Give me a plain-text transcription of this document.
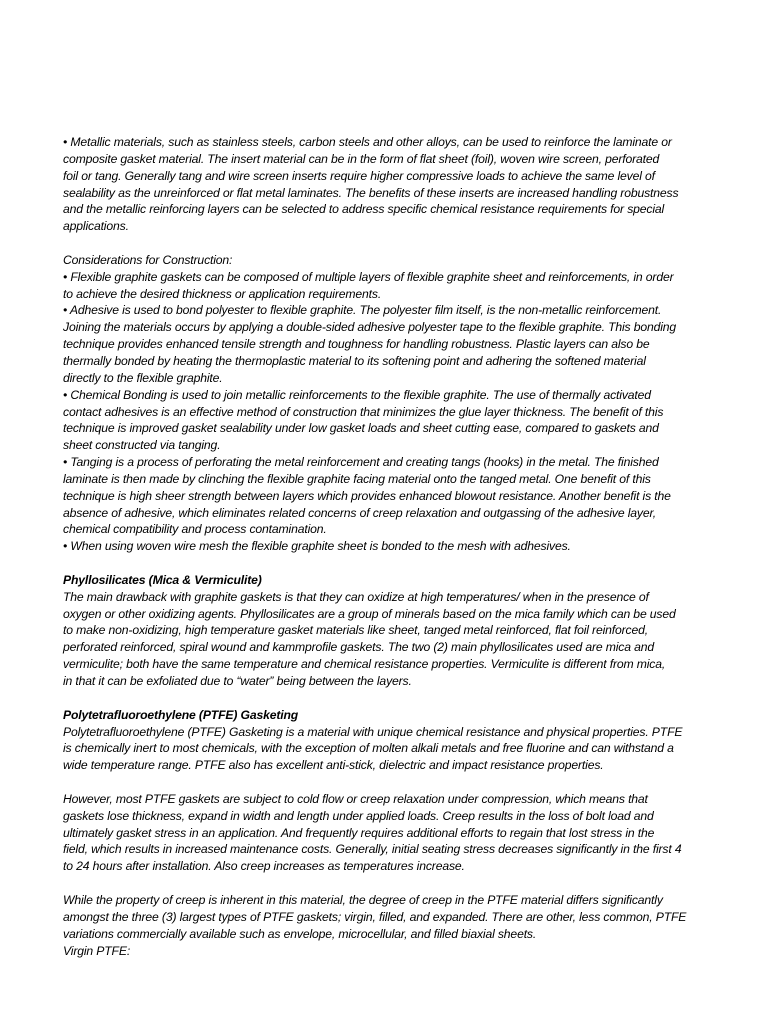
• Metallic materials, such as stainless steels, carbon steels and other alloys, can be used to reinforce the laminate or
composite gasket material. The insert material can be in the form of flat sheet (foil), woven wire screen, perforated
foil or tang. Generally tang and wire screen inserts require higher compressive loads to achieve the same level of
sealability as the unreinforced or flat metal laminates. The benefits of these inserts are increased handling robustness
and the metallic reinforcing layers can be selected to address specific chemical resistance requirements for special
applications.
Considerations for Construction:
• Flexible graphite gaskets can be composed of multiple layers of flexible graphite sheet and reinforcements, in order
to achieve the desired thickness or application requirements.
• Adhesive is used to bond polyester to flexible graphite. The polyester film itself, is the non-metallic reinforcement.
Joining the materials occurs by applying a double-sided adhesive polyester tape to the flexible graphite. This bonding
technique provides enhanced tensile strength and toughness for handling robustness. Plastic layers can also be
thermally bonded by heating the thermoplastic material to its softening point and adhering the softened material
directly to the flexible graphite.
• Chemical Bonding is used to join metallic reinforcements to the flexible graphite. The use of thermally activated
contact adhesives is an effective method of construction that minimizes the glue layer thickness. The benefit of this
technique is improved gasket sealability under low gasket loads and sheet cutting ease, compared to gaskets and
sheet constructed via tanging.
• Tanging is a process of perforating the metal reinforcement and creating tangs (hooks) in the metal. The finished
laminate is then made by clinching the flexible graphite facing material onto the tanged metal. One benefit of this
technique is high sheer strength between layers which provides enhanced blowout resistance. Another benefit is the
absence of adhesive, which eliminates related concerns of creep relaxation and outgassing of the adhesive layer,
chemical compatibility and process contamination.
• When using woven wire mesh the flexible graphite sheet is bonded to the mesh with adhesives.
Phyllosilicates (Mica & Vermiculite)
The main drawback with graphite gaskets is that they can oxidize at high temperatures/ when in the presence of
oxygen or other oxidizing agents. Phyllosilicates are a group of minerals based on the mica family which can be used
to make non-oxidizing, high temperature gasket materials like sheet, tanged metal reinforced, flat foil reinforced,
perforated reinforced, spiral wound and kammprofile gaskets. The two (2) main phyllosilicates used are mica and
vermiculite; both have the same temperature and chemical resistance properties. Vermiculite is different from mica,
in that it can be exfoliated due to “water” being between the layers.
Polytetrafluoroethylene (PTFE) Gasketing
Polytetrafluoroethylene (PTFE) Gasketing is a material with unique chemical resistance and physical properties. PTFE
is chemically inert to most chemicals, with the exception of molten alkali metals and free fluorine and can withstand a
wide temperature range. PTFE also has excellent anti-stick, dielectric and impact resistance properties.
However, most PTFE gaskets are subject to cold flow or creep relaxation under compression, which means that
gaskets lose thickness, expand in width and length under applied loads. Creep results in the loss of bolt load and
ultimately gasket stress in an application. And frequently requires additional efforts to regain that lost stress in the
field, which results in increased maintenance costs. Generally, initial seating stress decreases significantly in the first 4
to 24 hours after installation. Also creep increases as temperatures increase.
While the property of creep is inherent in this material, the degree of creep in the PTFE material differs significantly
amongst the three (3) largest types of PTFE gaskets; virgin, filled, and expanded. There are other, less common, PTFE
variations commercially available such as envelope, microcellular, and filled biaxial sheets.
Virgin PTFE:
